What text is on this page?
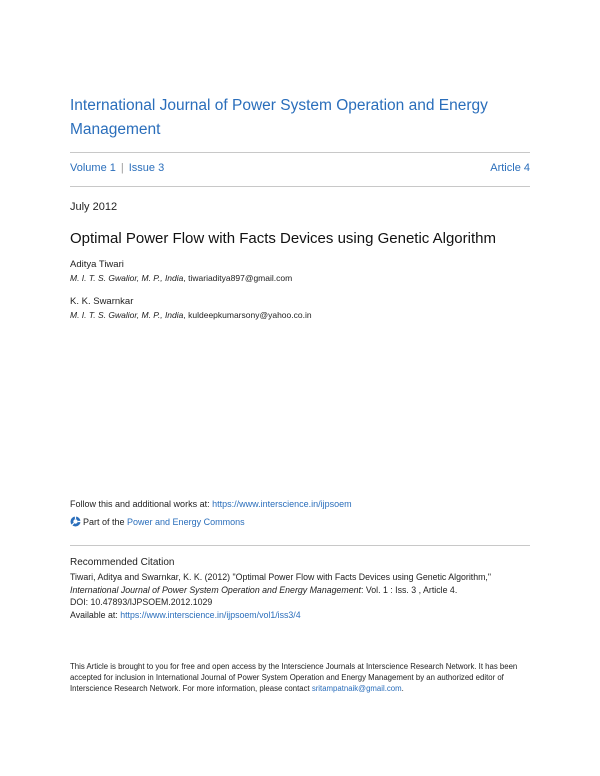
International Journal of Power System Operation and Energy Management
Volume 1 | Issue 3	Article 4
July 2012
Optimal Power Flow with Facts Devices using Genetic Algorithm
Aditya Tiwari
M. I. T. S. Gwalior, M. P., India, tiwariaditya897@gmail.com
K. K. Swarnkar
M. I. T. S. Gwalior, M. P., India, kuldeepkumarsony@yahoo.co.in
Follow this and additional works at: https://www.interscience.in/ijpsoem
Part of the Power and Energy Commons
Recommended Citation
Tiwari, Aditya and Swarnkar, K. K. (2012) "Optimal Power Flow with Facts Devices using Genetic Algorithm," International Journal of Power System Operation and Energy Management: Vol. 1 : Iss. 3 , Article 4.
DOI: 10.47893/IJPSOEM.2012.1029
Available at: https://www.interscience.in/ijpsoem/vol1/iss3/4
This Article is brought to you for free and open access by the Interscience Journals at Interscience Research Network. It has been accepted for inclusion in International Journal of Power System Operation and Energy Management by an authorized editor of Interscience Research Network. For more information, please contact sritampatnaik@gmail.com.
